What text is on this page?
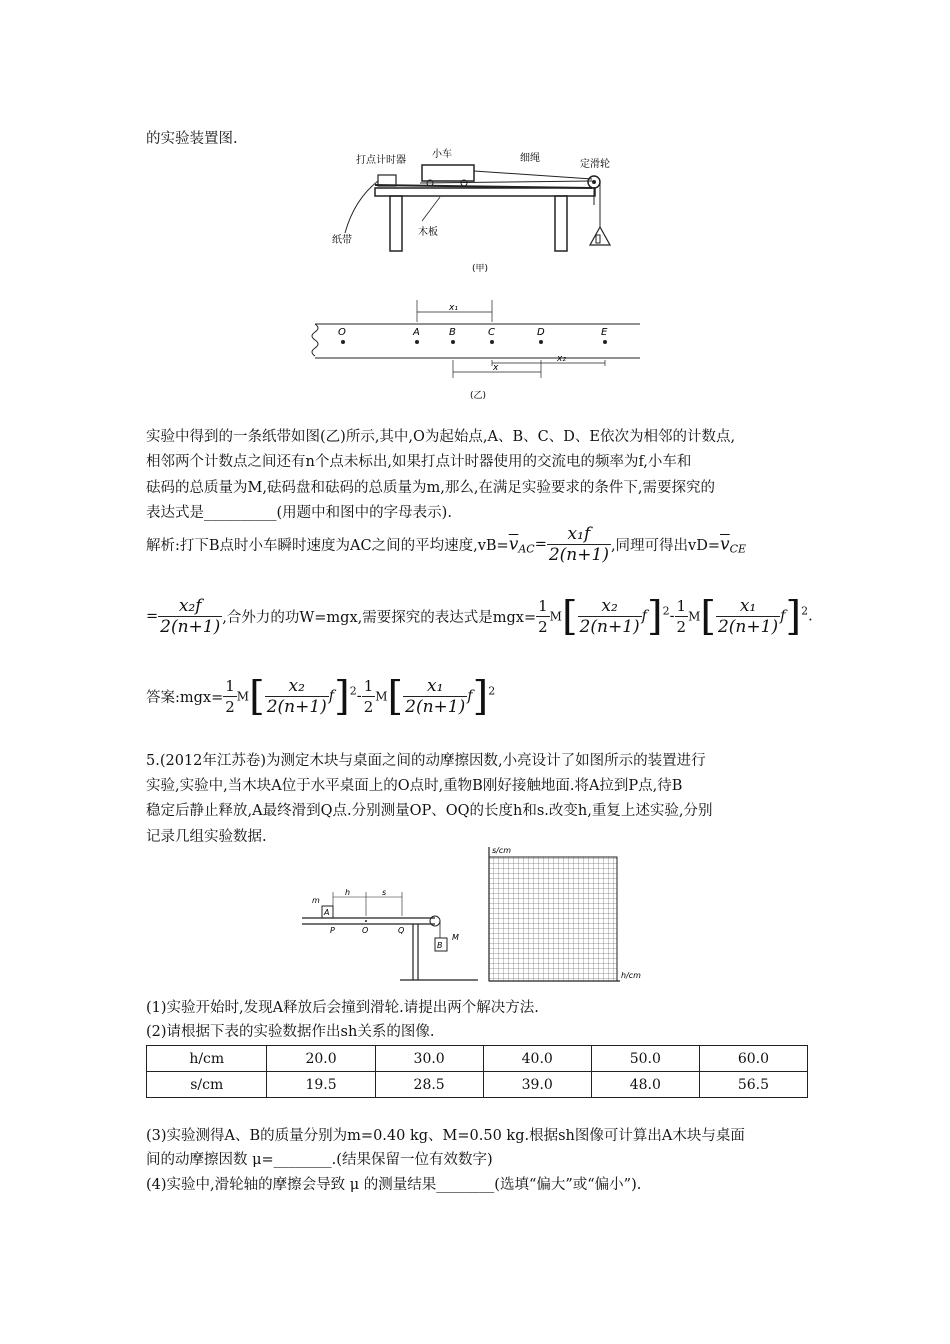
的实验装置图.
打点计时器
小车	细绳
定滑轮
纸带
木板
(甲)
O	A	B	C	D	E
x₁
x
x₂
(乙)
实验中得到的一条纸带如图(乙)所示,其中,O为起始点,A、B、C、D、E依次为相邻的计数点,
相邻两个计数点之间还有n个点未标出,如果打点计时器使用的交流电的频率为f,小车和
砝码的总质量为M,砝码盘和砝码的总质量为m,那么,在满足实验要求的条件下,需要探究的
表达式是__________(用题中和图中的字母表示).
解析:打下B点时小车瞬时速度为AC之间的平均速度$,vB=\overline{v}_{AC}= \frac{\text{x₁f}}{2(n+1)}$ ,同理可得出$vD=\overline{v}_{CE}$
= $\frac{\text{x₂f}}{2(n+1)}$ ,合外力的功W=mgx,需要探究的表达式是$mgx= \frac{1}{2} M[ \frac{\text{x₂}}{2(n+1)} f]^2- \frac{1}{2} M[ \frac{\text{x₁}}{2(n+1)} f]^2$.
答案:mgx= $\frac{1}{2} M[ \frac{\text{x₂}}{2(n+1)} f]^2- \frac{1}{2} M[ \frac{\text{x₁}}{2(n+1)} f]^2$
5.(2012年江苏卷)为测定木块与桌面之间的动摩擦因数,小亮设计了如图所示的装置进行
实验,实验中,当木块A位于水平桌面上的O点时,重物B刚好接触地面.将A拉到P点,待B
稳定后静止释放,A最终滑到Q点.分别测量OP、OQ的长度h和s.改变h,重复上述实验,分别
记录几组实验数据.
A
m
h	s
P	O	Q
B
M
s/cm
h/cm
(1)实验开始时,发现A释放后会撞到滑轮.请提出两个解决方法.
(2)请根据下表的实验数据作出sh关系的图像.
h/cm	20.0	30.0	40.0	50.0	60.0
s/cm	19.5	28.5	39.0	48.0	56.5
(3)实验测得A、B的质量分别为m=0.40 kg、M=0.50 kg.根据sh图像可计算出A木块与桌面
间的动摩擦因数 μ=________.(结果保留一位有效数字)
(4)实验中,滑轮轴的摩擦会导致 μ 的测量结果________(选填“偏大”或“偏小”).
